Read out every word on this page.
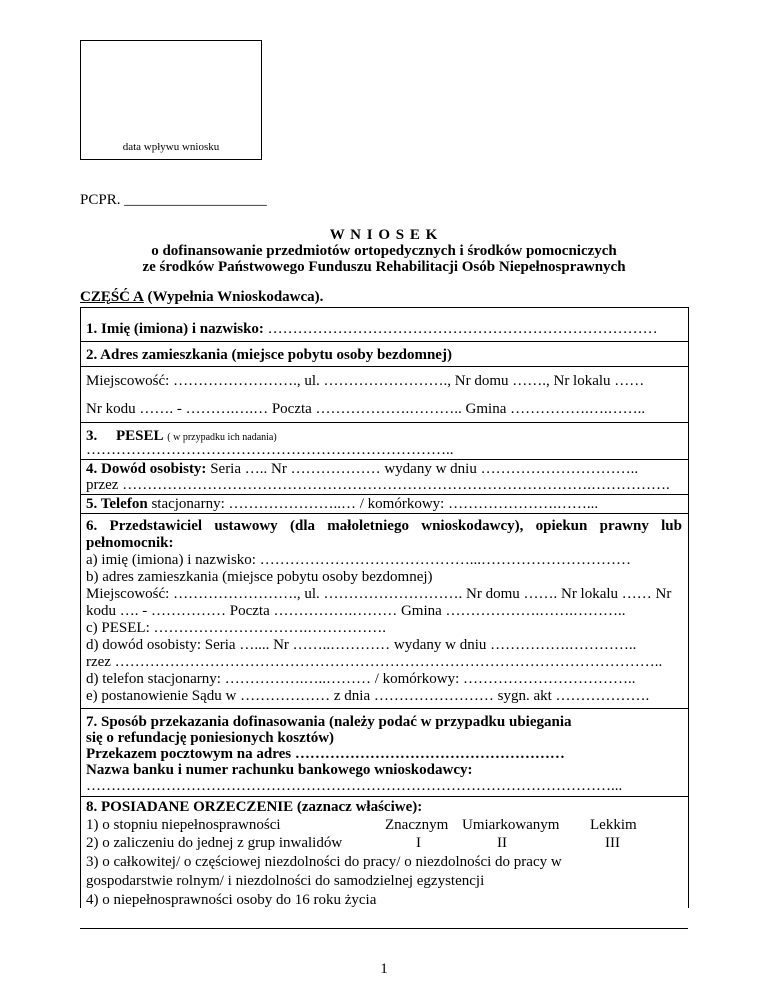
data wpływu wniosku
PCPR. ___________________
W N I O S E K
o dofinansowanie przedmiotów ortopedycznych i środków pomocniczych
ze środków Państwowego Funduszu Rehabilitacji Osób Niepełnosprawnych
CZĘŚĆ A (Wypełnia Wnioskodawca).
1. Imię (imiona) i nazwisko: ……………………………………………………………………
2. Adres zamieszkania (miejsce pobytu osoby bezdomnej)
Miejscowość: ……………………., ul. ……………………., Nr domu ……., Nr lokalu ……
Nr kodu ……. - ……….….… Poczta ……………….……….. Gmina …………….….……..
3.     PESEL ( w przypadku ich nadania)
………………………………………………………………..
4. Dowód osobisty: Seria ….. Nr ……………… wydany w dniu …………………………..
przez ………………………………………………………………………………….…………….
5. Telefon stacjonarny: …………………..… / komórkowy: ………………….……...
6. Przedstawiciel ustawowy (dla małoletniego wnioskodawcy), opiekun prawny lub
pełnomocnik:
a) imię (imiona) i nazwisko: ……………………………………...…………………………
b) adres zamieszkania (miejsce pobytu osoby bezdomnej)
Miejscowość: ……………………., ul. ………………………. Nr domu ……. Nr lokalu …… Nr
kodu …. - …………… Poczta …………….……… Gmina ……………….…….………..
c) PESEL: ………………………….…………….
d) dowód osobisty: Seria ….... Nr ……..………… wydany w dniu …………….…………..
rzez ………………………………………………………………………………………………..
d) telefon stacjonarny: …………….…..……… / komórkowy: ……………………………..
e) postanowienie Sądu w ……………… z dnia …………………… sygn. akt ……………….
7. Sposób przekazania dofinasowania (należy podać w przypadku ubiegania
się o refundację poniesionych kosztów)
Przekazem pocztowym na adres ………………………………………………
Nazwa banku i numer rachunku bankowego wnioskodawcy:
……………………………………………………………………………………………...
8. POSIADANE ORZECZENIE (zaznacz właściwe):
1) o stopniu niepełnosprawności	Znacznym Umiarkowanym Lekkim
2) o zaliczeniu do jednej z grup inwalidów	I	II	III
3) o całkowitej/ o częściowej niezdolności do pracy/ o niezdolności do pracy w
gospodarstwie rolnym/ i niezdolności do samodzielnej egzystencji
4) o niepełnosprawności osoby do 16 roku życia
1
